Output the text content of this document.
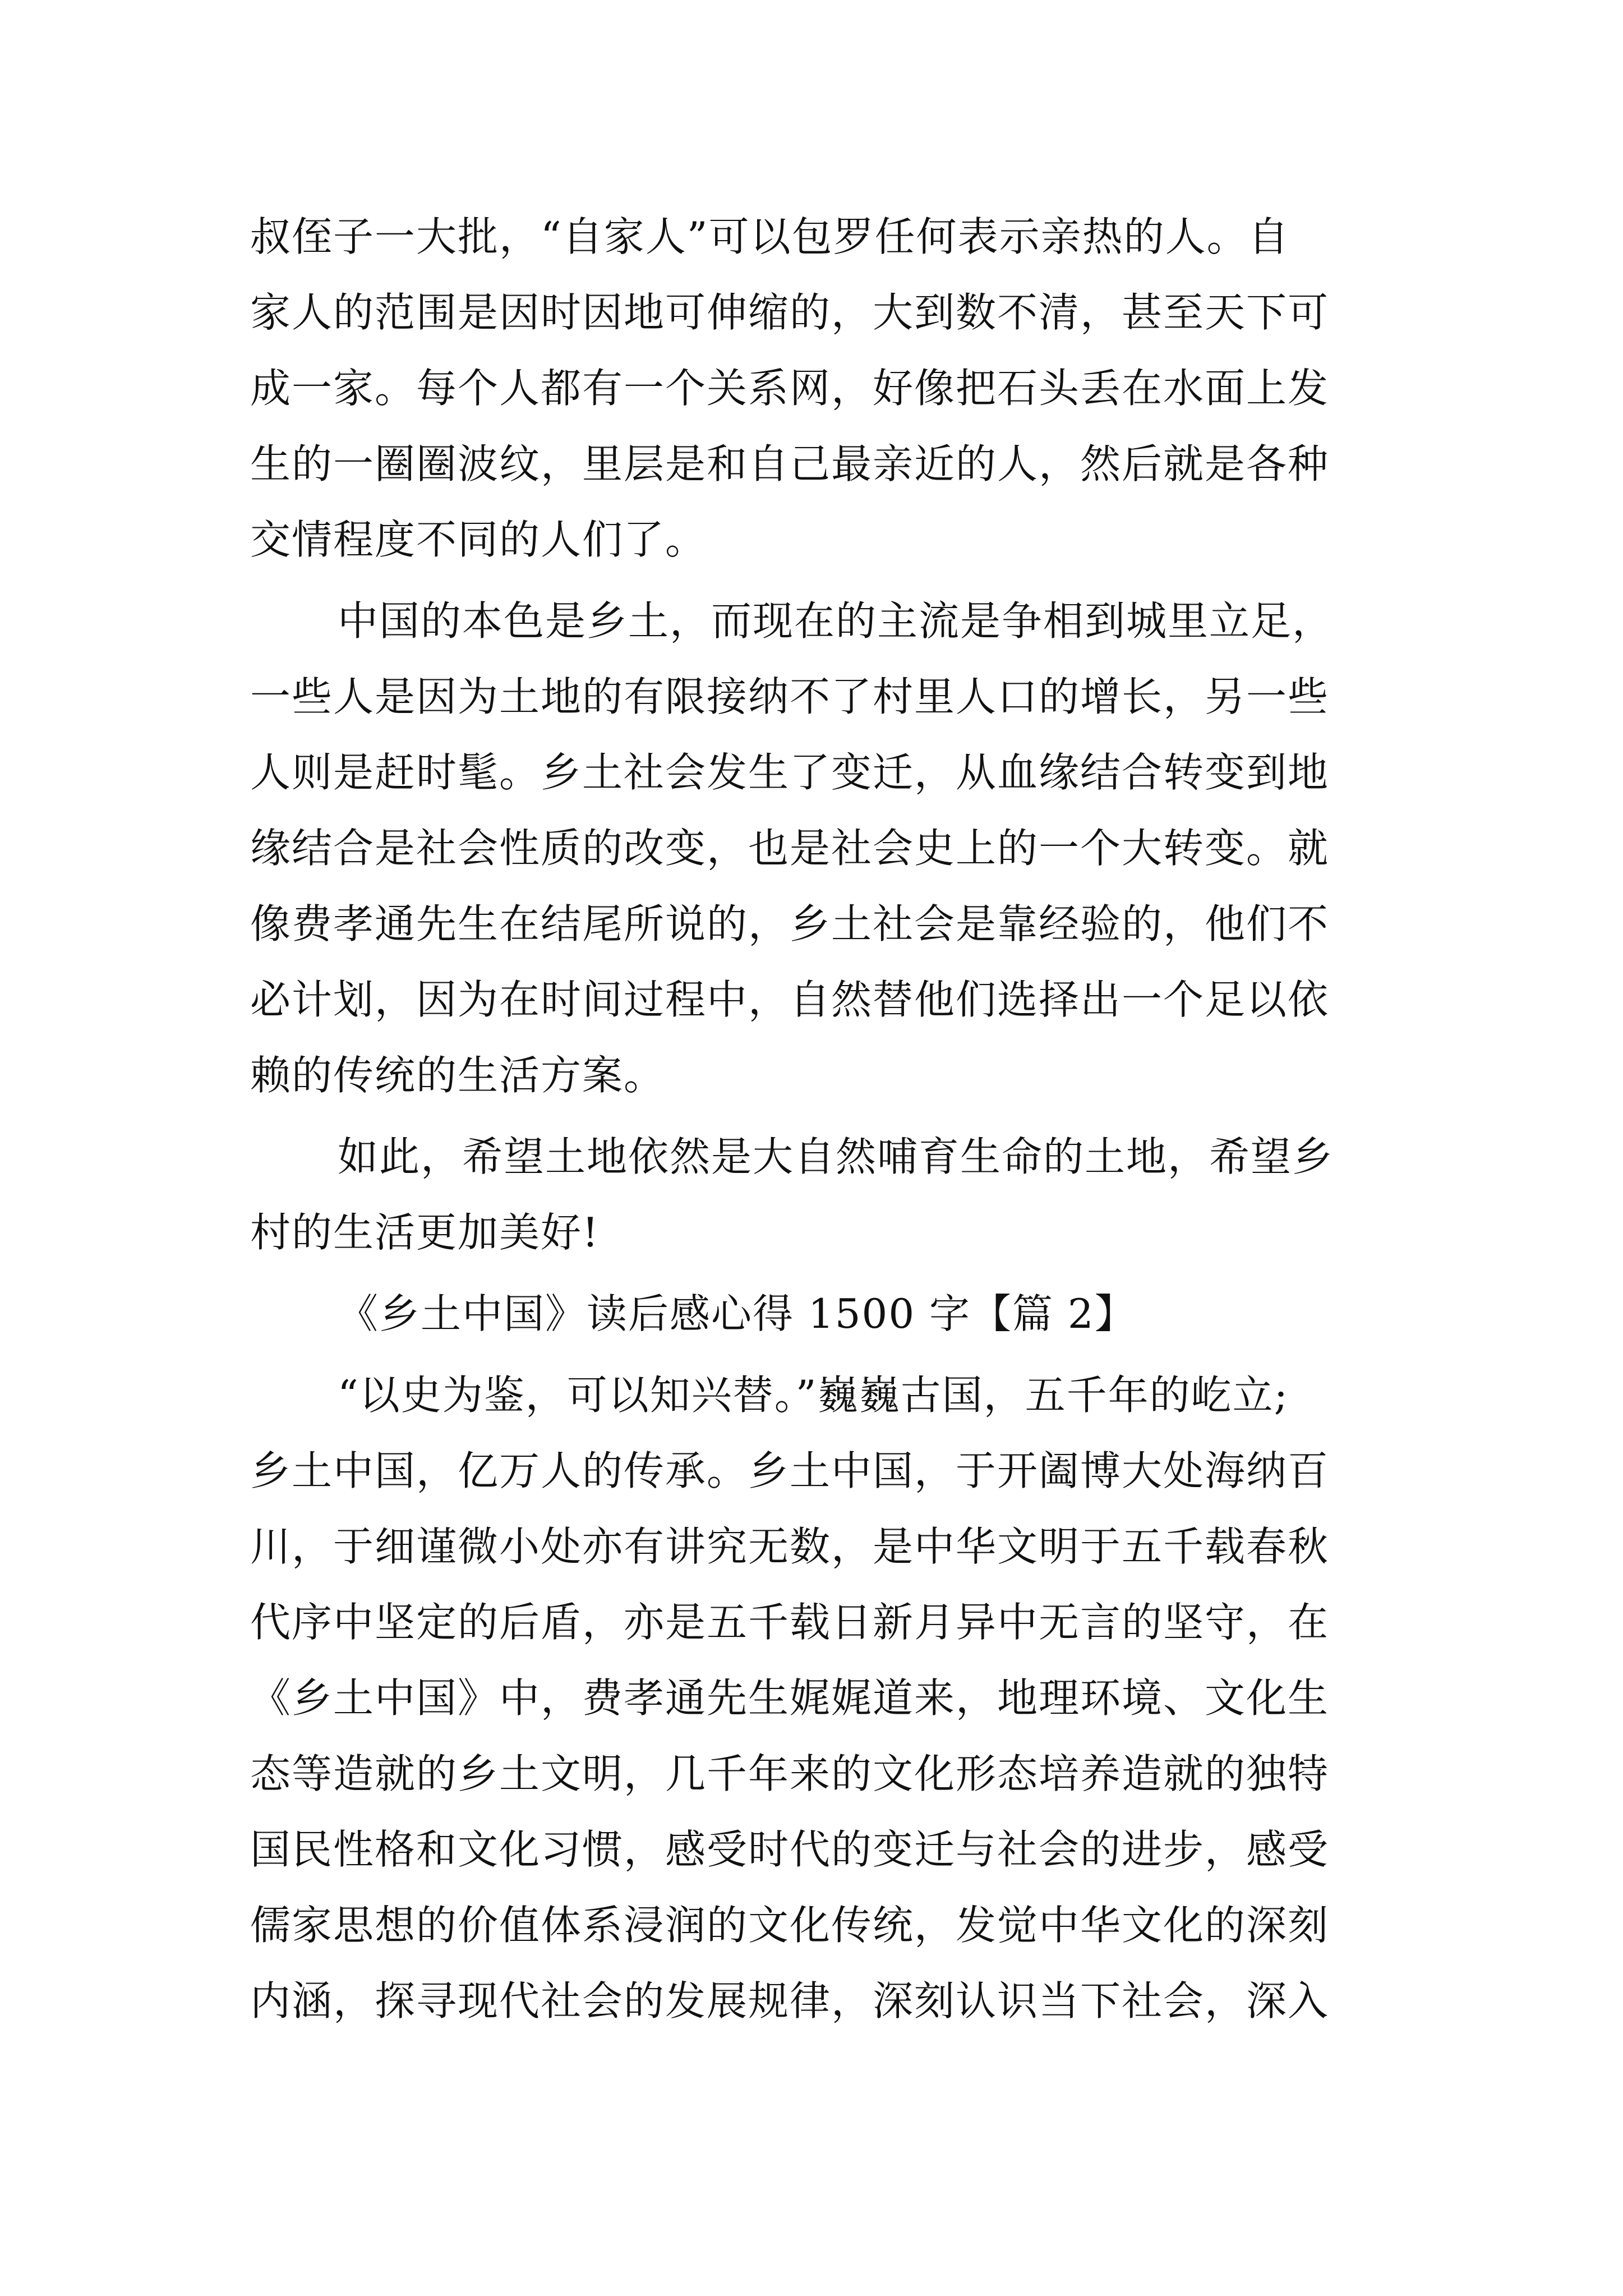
叔侄子一大批，“自家人”可以包罗任何表示亲热的人。自
家人的范围是因时因地可伸缩的，大到数不清，甚至天下可
成一家。每个人都有一个关系网，好像把石头丢在水面上发
生的一圈圈波纹，里层是和自己最亲近的人，然后就是各种
交情程度不同的人们了。
中国的本色是乡土，而现在的主流是争相到城里立足，
一些人是因为土地的有限接纳不了村里人口的增长，另一些
人则是赶时髦。乡土社会发生了变迁，从血缘结合转变到地
缘结合是社会性质的改变，也是社会史上的一个大转变。就
像费孝通先生在结尾所说的，乡土社会是靠经验的，他们不
必计划，因为在时间过程中，自然替他们选择出一个足以依
赖的传统的生活方案。
如此，希望土地依然是大自然哺育生命的土地，希望乡
村的生活更加美好!
《乡土中国》读后感心得 1500 字【篇 2】
“以史为鉴，可以知兴替。”巍巍古国，五千年的屹立;
乡土中国，亿万人的传承。乡土中国，于开阖博大处海纳百
川，于细谨微小处亦有讲究无数，是中华文明于五千载春秋
代序中坚定的后盾，亦是五千载日新月异中无言的坚守，在
《乡土中国》中，费孝通先生娓娓道来，地理环境、文化生
态等造就的乡土文明，几千年来的文化形态培养造就的独特
国民性格和文化习惯，感受时代的变迁与社会的进步，感受
儒家思想的价值体系浸润的文化传统，发觉中华文化的深刻
内涵，探寻现代社会的发展规律，深刻认识当下社会，深入
